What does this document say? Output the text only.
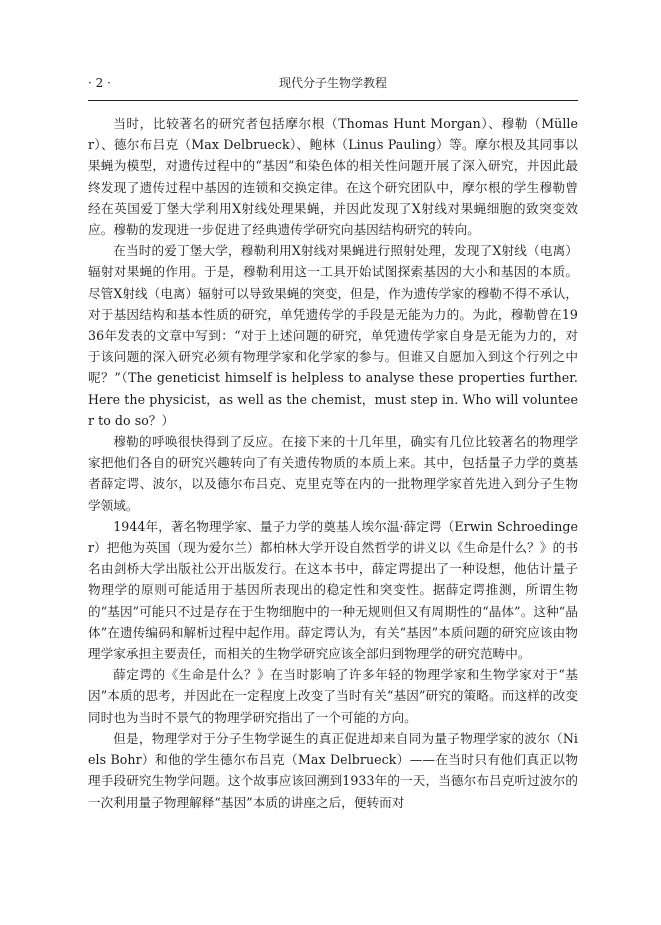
· 2 ·	现代分子生物学教程

当时，比较著名的研究者包括摩尔根（Thomas Hunt Morgan）、穆勒（Müller）、德尔布吕克（Max Delbrueck）、鲍林（Linus Pauling）等。摩尔根及其同事以果蝇为模型，对遗传过程中的“基因”和染色体的相关性问题开展了深入研究，并因此最终发现了遗传过程中基因的连锁和交换定律。在这个研究团队中，摩尔根的学生穆勒曾经在英国爱丁堡大学利用X射线处理果蝇，并因此发现了X射线对果蝇细胞的致突变效应。穆勒的发现进一步促进了经典遗传学研究向基因结构研究的转向。

在当时的爱丁堡大学，穆勒利用X射线对果蝇进行照射处理，发现了X射线（电离）辐射对果蝇的作用。于是，穆勒利用这一工具开始试图探索基因的大小和基因的本质。尽管X射线（电离）辐射可以导致果蝇的突变，但是，作为遗传学家的穆勒不得不承认，对于基因结构和基本性质的研究，单凭遗传学的手段是无能为力的。为此，穆勒曾在1936年发表的文章中写到：“对于上述问题的研究，单凭遗传学家自身是无能为力的，对于该问题的深入研究必须有物理学家和化学家的参与。但谁又自愿加入到这个行列之中呢？”（The geneticist himself is helpless to analyse these properties further. Here the physicist，as well as the chemist，must step in. Who will volunteer to do so？）

穆勒的呼唤很快得到了反应。在接下来的十几年里，确实有几位比较著名的物理学家把他们各自的研究兴趣转向了有关遗传物质的本质上来。其中，包括量子力学的奠基者薛定谔、波尔，以及德尔布吕克、克里克等在内的一批物理学家首先进入到分子生物学领域。

1944年，著名物理学家、量子力学的奠基人埃尔温·薛定谔（Erwin Schroedinger）把他为英国（现为爱尔兰）都柏林大学开设自然哲学的讲义以《生命是什么？》的书名由剑桥大学出版社公开出版发行。在这本书中，薛定谔提出了一种设想，他估计量子物理学的原则可能适用于基因所表现出的稳定性和突变性。据薛定谔推测，所谓生物的“基因”可能只不过是存在于生物细胞中的一种无规则但又有周期性的“晶体”。这种“晶体”在遗传编码和解析过程中起作用。薛定谔认为，有关“基因”本质问题的研究应该由物理学家承担主要责任，而相关的生物学研究应该全部归到物理学的研究范畴中。

薛定谔的《生命是什么？》在当时影响了许多年轻的物理学家和生物学家对于“基因”本质的思考，并因此在一定程度上改变了当时有关“基因”研究的策略。而这样的改变同时也为当时不景气的物理学研究指出了一个可能的方向。

但是，物理学对于分子生物学诞生的真正促进却来自同为量子物理学家的波尔（Niels Bohr）和他的学生德尔布吕克（Max Delbrueck）——在当时只有他们真正以物理手段研究生物学问题。这个故事应该回溯到1933年的一天，当德尔布吕克听过波尔的一次利用量子物理解释“基因”本质的讲座之后，便转而对
